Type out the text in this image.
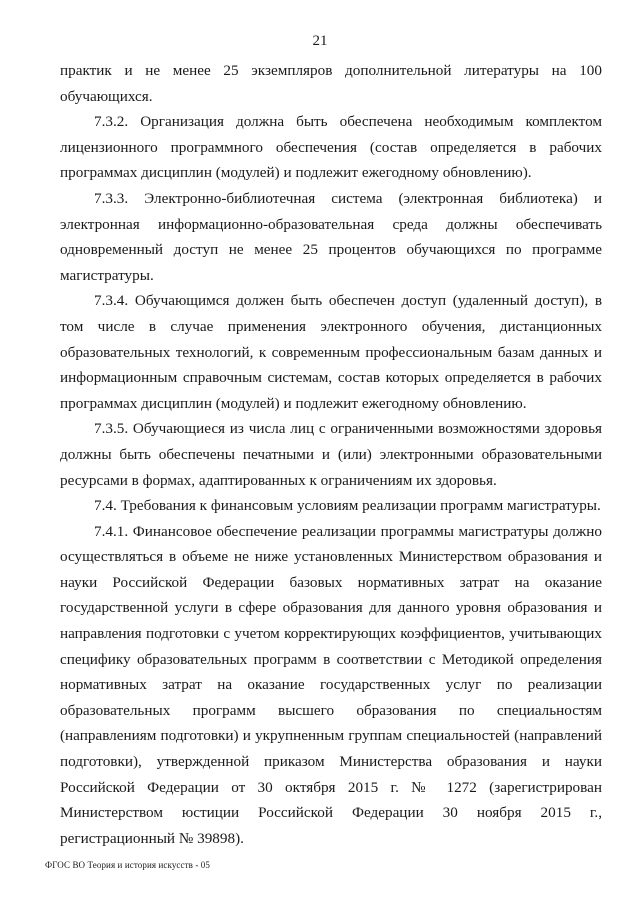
21

практик и не менее 25 экземпляров дополнительной литературы на 100 обучающихся.

7.3.2. Организация должна быть обеспечена необходимым комплектом лицензионного программного обеспечения (состав определяется в рабочих программах дисциплин (модулей) и подлежит ежегодному обновлению).

7.3.3. Электронно-библиотечная система (электронная библиотека) и электронная информационно-образовательная среда должны обеспечивать одновременный доступ не менее 25 процентов обучающихся по программе магистратуры.

7.3.4. Обучающимся должен быть обеспечен доступ (удаленный доступ), в том числе в случае применения электронного обучения, дистанционных образовательных технологий, к современным профессиональным базам данных и информационным справочным системам, состав которых определяется в рабочих программах дисциплин (модулей) и подлежит ежегодному обновлению.

7.3.5. Обучающиеся из числа лиц с ограниченными возможностями здоровья должны быть обеспечены печатными и (или) электронными образовательными ресурсами в формах, адаптированных к ограничениям их здоровья.

7.4. Требования к финансовым условиям реализации программ магистратуры.

7.4.1. Финансовое обеспечение реализации программы магистратуры должно осуществляться в объеме не ниже установленных Министерством образования и науки Российской Федерации базовых нормативных затрат на оказание государственной услуги в сфере образования для данного уровня образования и направления подготовки с учетом корректирующих коэффициентов, учитывающих специфику образовательных программ в соответствии с Методикой определения нормативных затрат на оказание государственных услуг по реализации образовательных программ высшего образования по специальностям (направлениям подготовки) и укрупненным группам специальностей (направлений подготовки), утвержденной приказом Министерства образования и науки Российской Федерации от 30 октября 2015 г. № 1272 (зарегистрирован Министерством юстиции Российской Федерации 30 ноября 2015 г., регистрационный № 39898).

ФГОС ВО Теория и история искусств - 05
